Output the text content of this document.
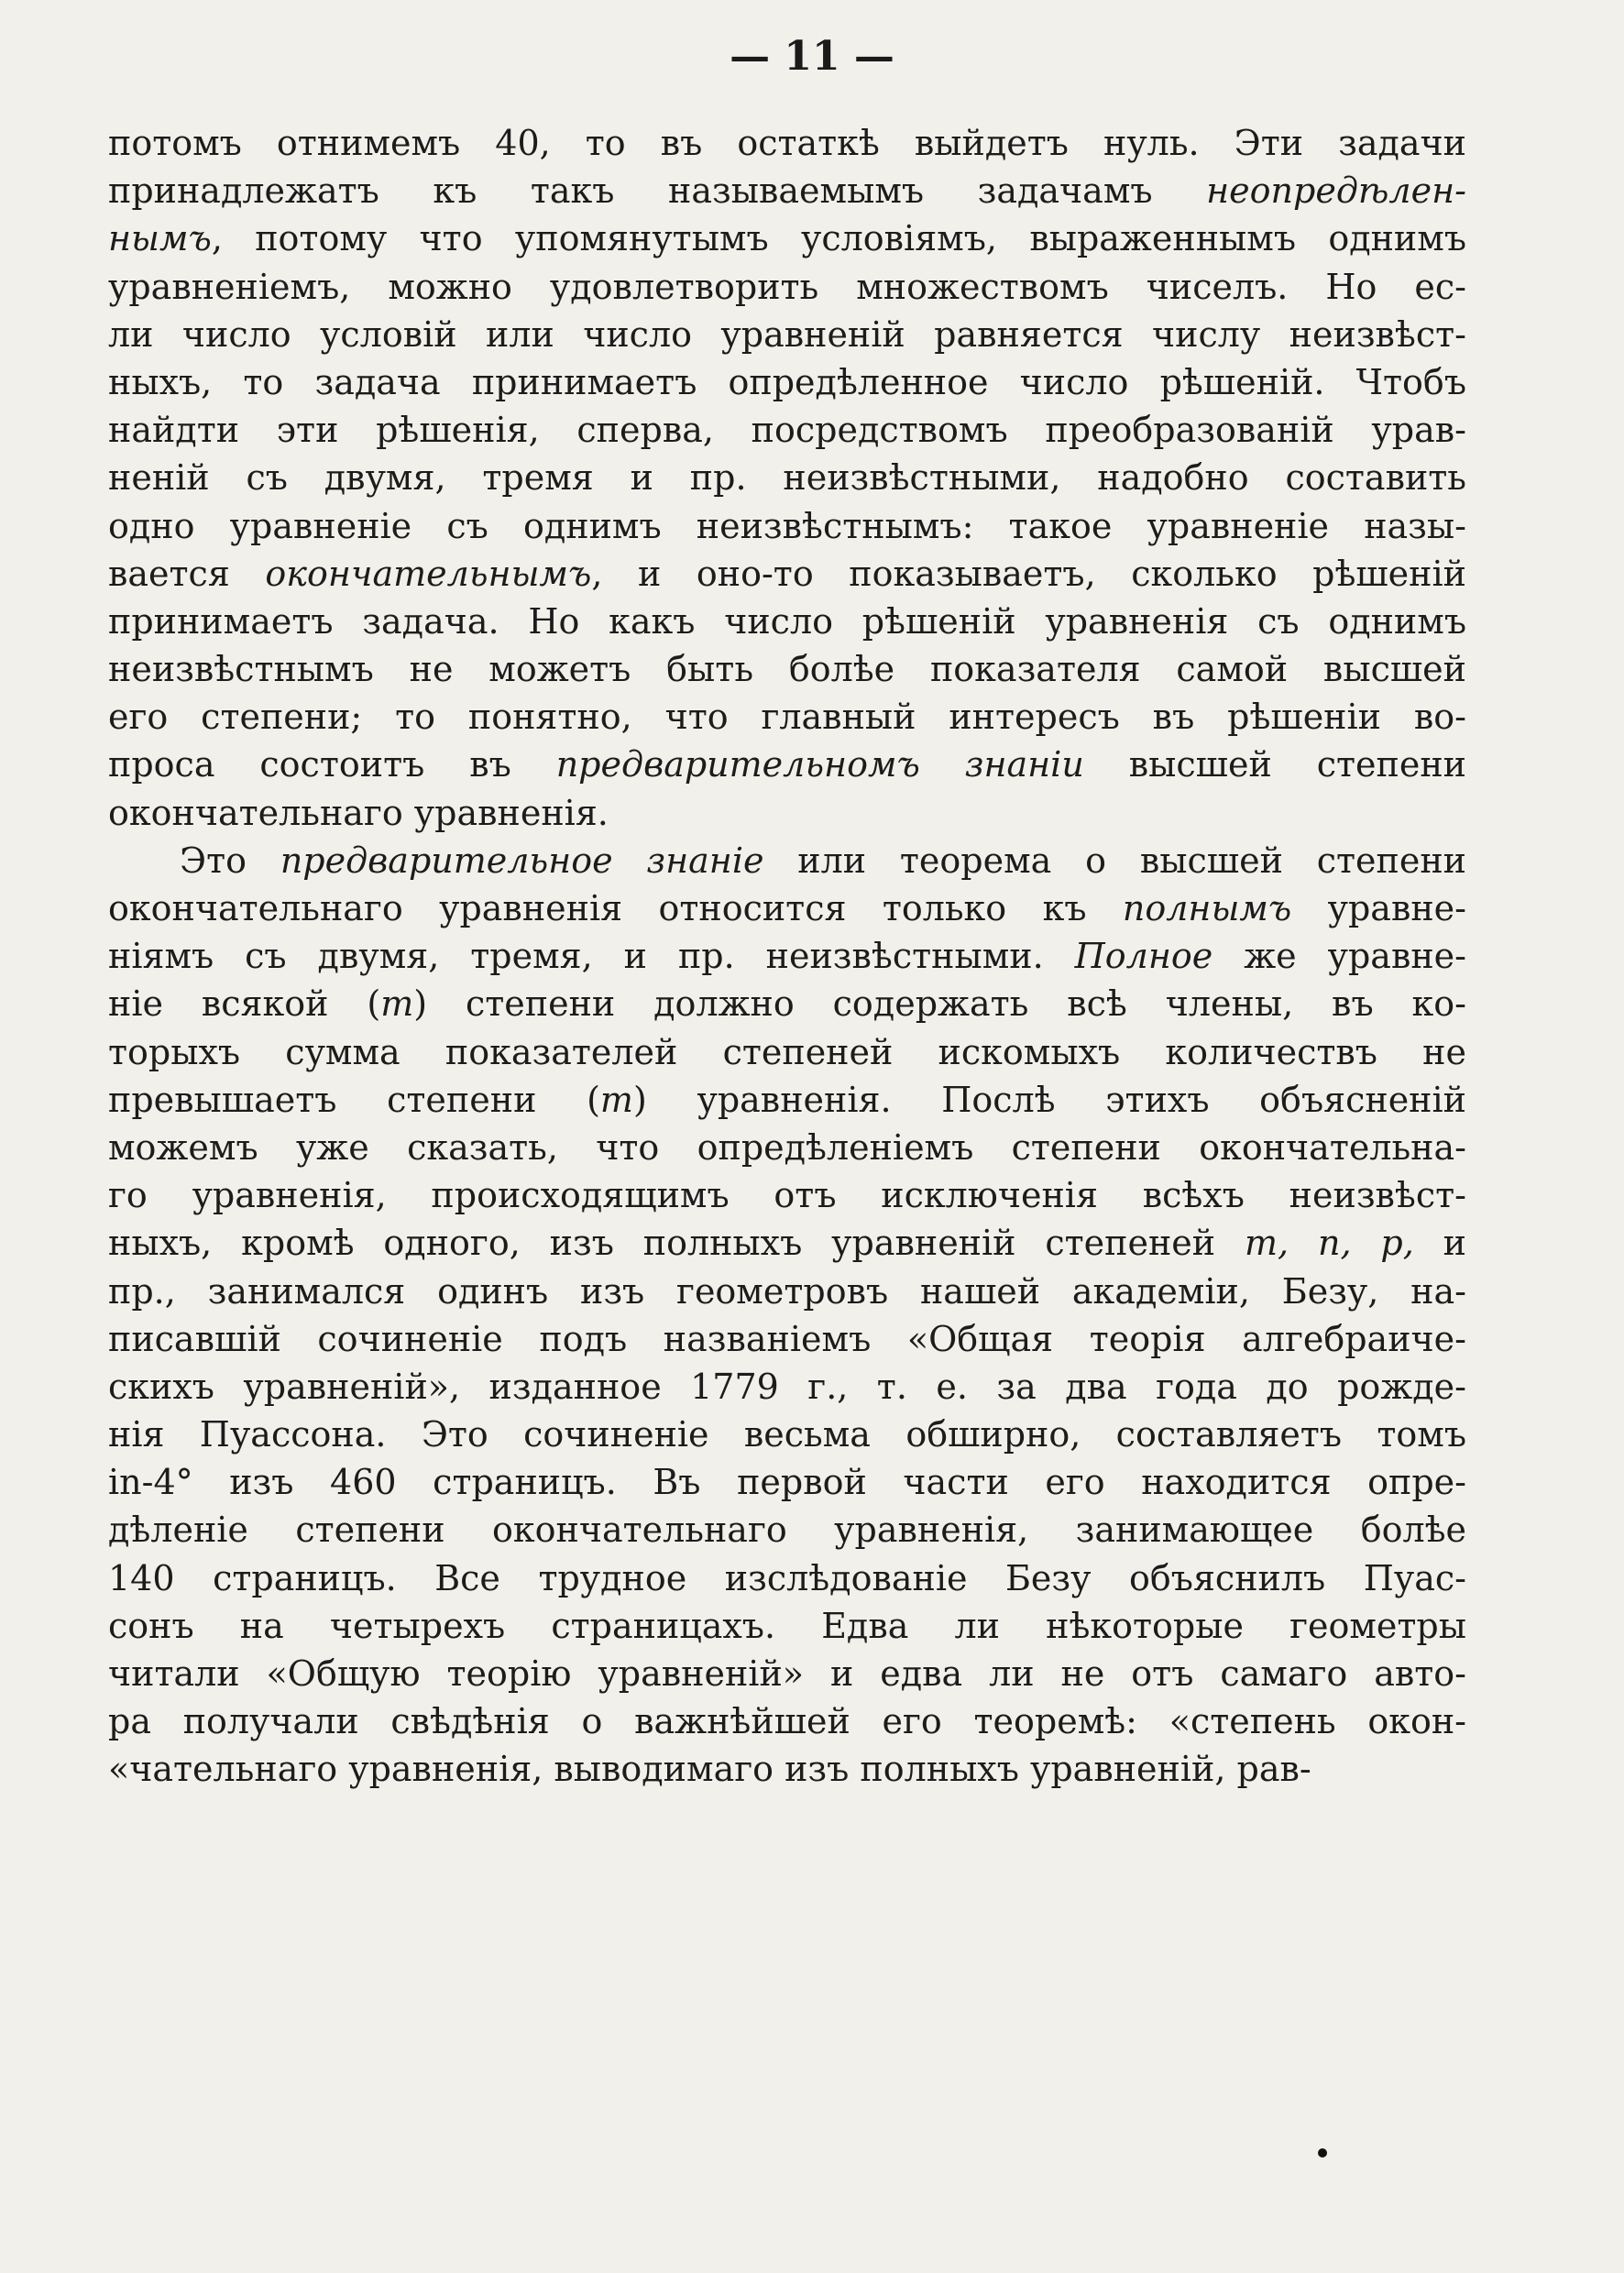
— 11 —
потомъ отнимемъ 40, то въ остаткѣ выйдетъ нуль. Эти задачи
принадлежатъ къ такъ называемымъ задачамъ неопредѣлен-
нымъ, потому что упомянутымъ условіямъ, выраженнымъ однимъ
уравненіемъ, можно удовлетворить множествомъ чиселъ. Но ес-
ли число условій или число уравненій равняется числу неизвѣст-
ныхъ, то задача принимаетъ опредѣленное число рѣшеній. Чтобъ
найдти эти рѣшенія, сперва, посредствомъ преобразованій урав-
неній съ двумя, тремя и пр. неизвѣстными, надобно составить
одно уравненіе съ однимъ неизвѣстнымъ: такое уравненіе назы-
вается окончательнымъ, и оно-то показываетъ, сколько рѣшеній
принимаетъ задача. Но какъ число рѣшеній уравненія съ однимъ
неизвѣстнымъ не можетъ быть болѣе показателя самой высшей
его степени; то понятно, что главный интересъ въ рѣшеніи во-
проса состоитъ въ предварительномъ знаніи высшей степени
окончательнаго уравненія.
Это предварительное знаніе или теорема о высшей степени
окончательнаго уравненія относится только къ полнымъ уравне-
ніямъ съ двумя, тремя, и пр. неизвѣстными. Полное же уравне-
ніе всякой (m) степени должно содержать всѣ члены, въ ко-
торыхъ сумма показателей степеней искомыхъ количествъ не
превышаетъ степени (m) уравненія. Послѣ этихъ объясненій
можемъ уже сказать, что опредѣленіемъ степени окончательна-
го уравненія, происходящимъ отъ исключенія всѣхъ неизвѣст-
ныхъ, кромѣ одного, изъ полныхъ уравненій степеней m, n, p, и
пр., занимался одинъ изъ геометровъ нашей академіи, Безу, на-
писавшій сочиненіе подъ названіемъ «Общая теорія алгебраиче-
скихъ уравненій», изданное 1779 г., т. е. за два года до рожде-
нія Пуассона. Это сочиненіе весьма обширно, составляетъ томъ
in-4° изъ 460 страницъ. Въ первой части его находится опре-
дѣленіе степени окончательнаго уравненія, занимающее болѣе
140 страницъ. Все трудное изслѣдованіе Безу объяснилъ Пуас-
сонъ на четырехъ страницахъ. Едва ли нѣкоторые геометры
читали «Общую теорію уравненій» и едва ли не отъ самаго авто-
ра получали свѣдѣнія о важнѣйшей его теоремѣ: «степень окон-
«чательнаго уравненія, выводимаго изъ полныхъ уравненій, рав-
